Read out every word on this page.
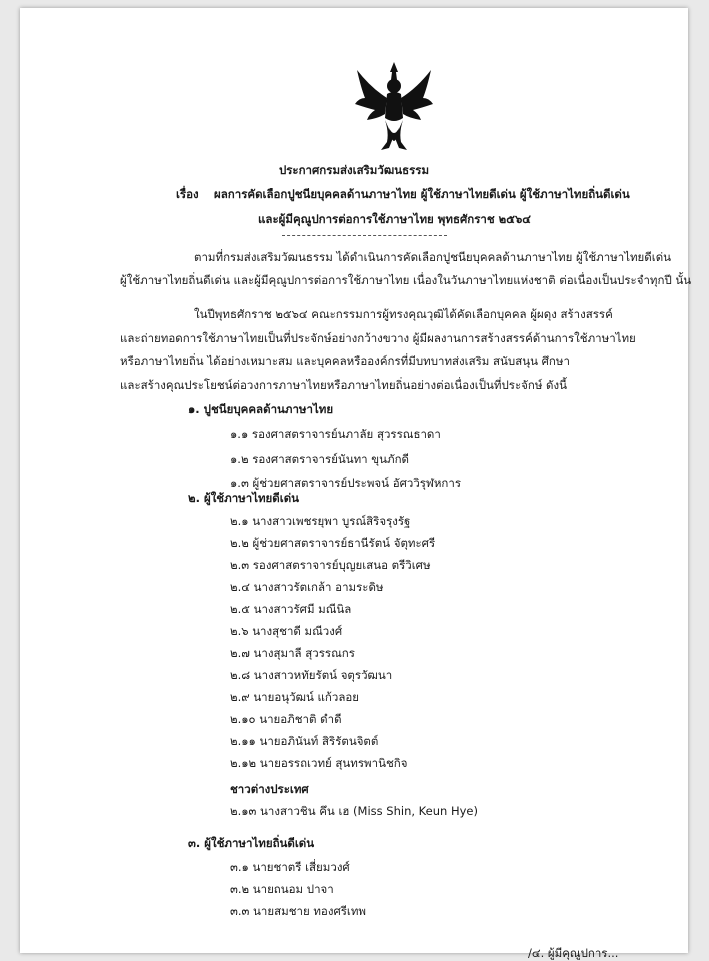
ประกาศกรมส่งเสริมวัฒนธรรม
เรื่อง ผลการคัดเลือกปูชนียบุคคลด้านภาษาไทย ผู้ใช้ภาษาไทยดีเด่น ผู้ใช้ภาษาไทยถิ่นดีเด่น
และผู้มีคุณูปการต่อการใช้ภาษาไทย พุทธศักราช ๒๕๖๔
ตามที่กรมส่งเสริมวัฒนธรรม ได้ดำเนินการคัดเลือกปูชนียบุคคลด้านภาษาไทย ผู้ใช้ภาษาไทยดีเด่น
ผู้ใช้ภาษาไทยถิ่นดีเด่น และผู้มีคุณูปการต่อการใช้ภาษาไทย เนื่องในวันภาษาไทยแห่งชาติ ต่อเนื่องเป็นประจำทุกปี นั้น
ในปีพุทธศักราช ๒๕๖๔ คณะกรรมการผู้ทรงคุณวุฒิได้คัดเลือกบุคคล ผู้ผดุง สร้างสรรค์
และถ่ายทอดการใช้ภาษาไทยเป็นที่ประจักษ์อย่างกว้างขวาง ผู้มีผลงานการสร้างสรรค์ด้านการใช้ภาษาไทย
หรือภาษาไทยถิ่น ได้อย่างเหมาะสม และบุคคลหรือองค์กรที่มีบทบาทส่งเสริม สนับสนุน ศึกษา
และสร้างคุณประโยชน์ต่อวงการภาษาไทยหรือภาษาไทยถิ่นอย่างต่อเนื่องเป็นที่ประจักษ์ ดังนี้
๑. ปูชนียบุคคลด้านภาษาไทย
๑.๑ รองศาสตราจารย์นภาลัย สุวรรณธาดา
๑.๒ รองศาสตราจารย์นันทา ขุนภักดี
๑.๓ ผู้ช่วยศาสตราจารย์ประพจน์ อัศววิรุฬหการ
๒. ผู้ใช้ภาษาไทยดีเด่น
๒.๑ นางสาวเพชรยุพา บูรณ์สิริจรุงรัฐ
๒.๒ ผู้ช่วยศาสตราจารย์ธานีรัตน์ จัตุทะศรี
๒.๓ รองศาสตราจารย์บุญยเสนอ ตรีวิเศษ
๒.๔ นางสาวรัตเกล้า อามระดิษ
๒.๕ นางสาวรัศมี มณีนิล
๒.๖ นางสุชาดี มณีวงศ์
๒.๗ นางสุมาลี สุวรรณกร
๒.๘ นางสาวหทัยรัตน์ จตุรวัฒนา
๒.๙ นายอนุวัฒน์ แก้วลอย
๒.๑๐ นายอภิชาติ ดำดี
๒.๑๑ นายอภินันท์ สิริรัตนจิตต์
๒.๑๒ นายอรรถเวทย์ สุนทรพานิชกิจ
ชาวต่างประเทศ
๒.๑๓ นางสาวชิน คึน เฮ (Miss Shin, Keun Hye)
๓. ผู้ใช้ภาษาไทยถิ่นดีเด่น
๓.๑ นายชาตรี เสี่ยมวงศ์
๓.๒ นายถนอม ปาจา
๓.๓ นายสมชาย ทองศรีเทพ
/๔. ผู้มีคุณูปการ...
